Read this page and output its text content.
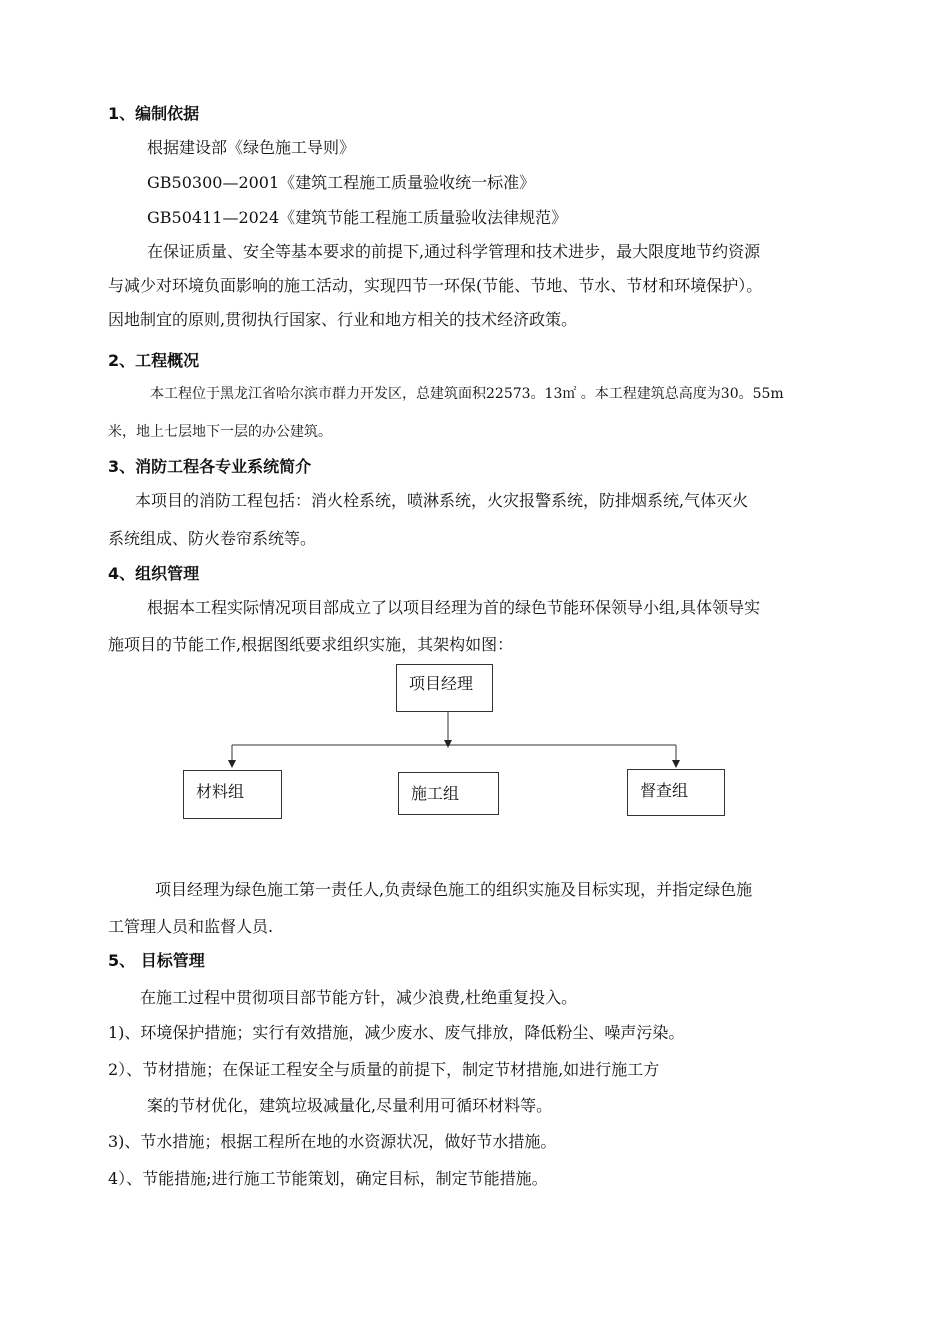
1、编制依据
根据建设部《绿色施工导则》
GB50300—2001《建筑工程施工质量验收统一标准》
GB50411—2024《建筑节能工程施工质量验收法律规范》
在保证质量、安全等基本要求的前提下,通过科学管理和技术进步，最大限度地节约资源
与减少对环境负面影响的施工活动，实现四节一环保(节能、节地、节水、节材和环境保护）。
因地制宜的原则,贯彻执行国家、行业和地方相关的技术经济政策。
2、工程概况
本工程位于黑龙江省哈尔滨市群力开发区，总建筑面积22573。13㎡ 。本工程建筑总高度为30。55m
米，地上七层地下一层的办公建筑。
3、消防工程各专业系统简介
本项目的消防工程包括：消火栓系统，喷淋系统，火灾报警系统，防排烟系统,气体灭火
系统组成、防火卷帘系统等。
4、组织管理
根据本工程实际情况项目部成立了以项目经理为首的绿色节能环保领导小组,具体领导实
施项目的节能工作,根据图纸要求组织实施，其架构如图：
项目经理
材料组	施工组	督查组
项目经理为绿色施工第一责任人,负责绿色施工的组织实施及目标实现，并指定绿色施
工管理人员和监督人员.
5、 目标管理
在施工过程中贯彻项目部节能方针，减少浪费,杜绝重复投入。
1)、环境保护措施；实行有效措施，减少废水、废气排放，降低粉尘、噪声污染。
2）、节材措施；在保证工程安全与质量的前提下，制定节材措施,如进行施工方
案的节材优化，建筑垃圾减量化,尽量利用可循环材料等。
3)、节水措施；根据工程所在地的水资源状况，做好节水措施。
4）、节能措施;进行施工节能策划，确定目标，制定节能措施。
